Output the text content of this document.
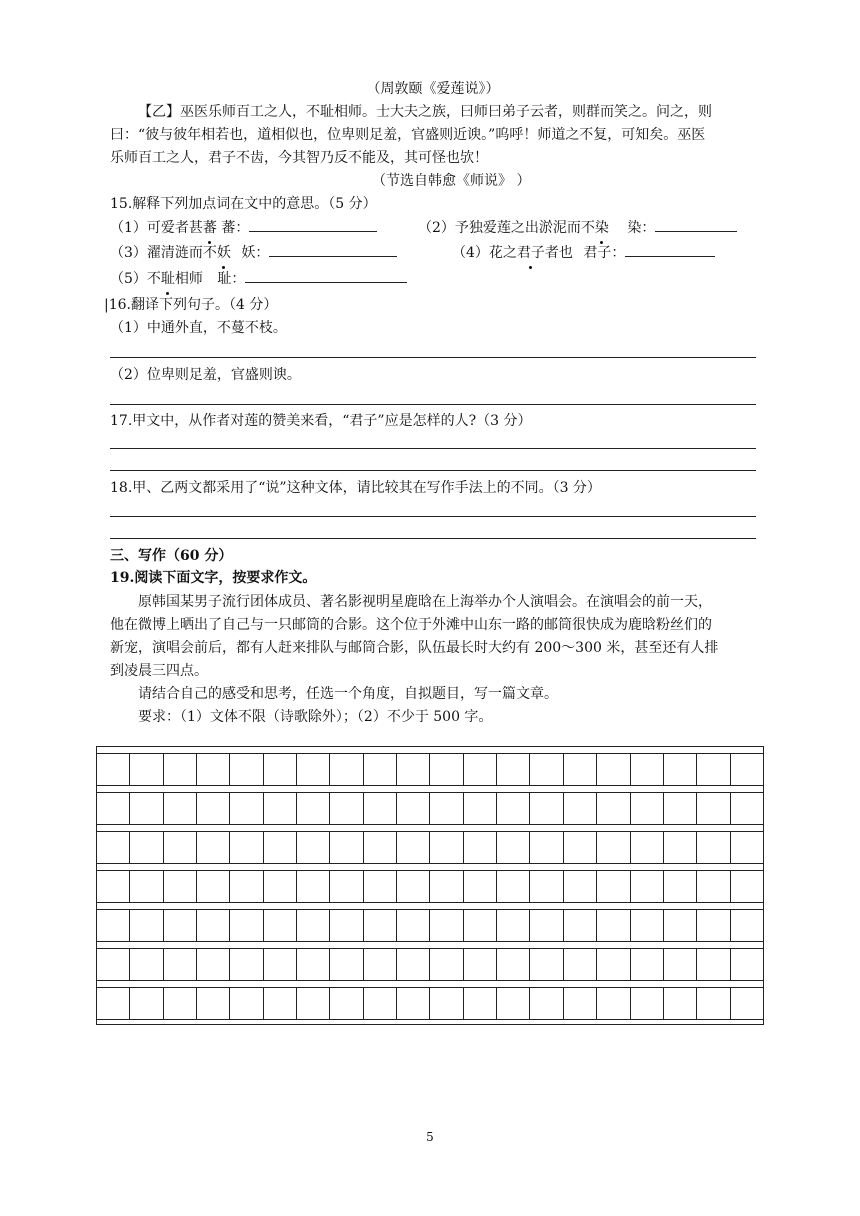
（周敦颐《爱莲说》）
【乙】巫医乐师百工之人，不耻相师。士大夫之族，曰师曰弟子云者，则群而笑之。问之，则
曰：“彼与彼年相若也，道相似也，位卑则足羞，官盛则近谀。”呜呼！师道之不复，可知矣。巫医
乐师百工之人，君子不齿，今其智乃反不能及，其可怪也欤！
（节选自韩愈《师说》 ）
15.解释下列加点词在文中的意思。（5 分）
（1）可爱者甚蕃 蕃：	（2）予独爱莲之出淤泥而不染 染：
（3）濯清涟而不妖 妖：	（4）花之君子者也 君子：
（5）不耻相师 耻：
|16.翻译下列句子。（4 分）
（1）中通外直，不蔓不枝。
（2）位卑则足羞，官盛则谀。
17.甲文中，从作者对莲的赞美来看，“君子”应是怎样的人?（3 分）
18.甲、乙两文都采用了“说”这种文体，请比较其在写作手法上的不同。（3 分）
三、写作（60 分）
19.阅读下面文字，按要求作文。
原韩国某男子流行团体成员、著名影视明星鹿晗在上海举办个人演唱会。在演唱会的前一天，
他在微博上晒出了自己与一只邮筒的合影。这个位于外滩中山东一路的邮筒很快成为鹿晗粉丝们的
新宠，演唱会前后，都有人赶来排队与邮筒合影，队伍最长时大约有 200～300 米，甚至还有人排
到凌晨三四点。
请结合自己的感受和思考，任选一个角度，自拟题目，写一篇文章。
要求：（1）文体不限（诗歌除外）；（2）不少于 500 字。
5
